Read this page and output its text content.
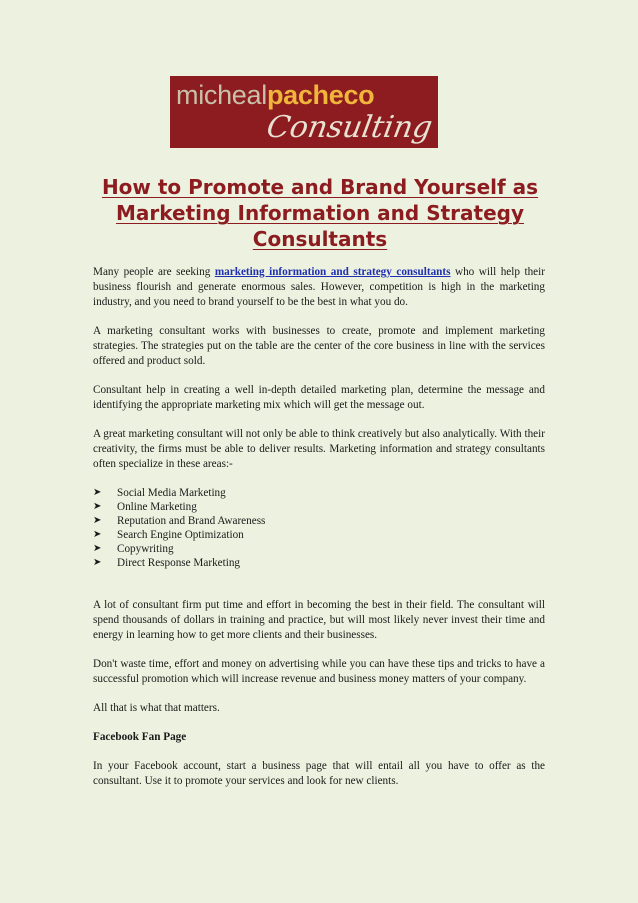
michealpacheco
Consulting
How to Promote and Brand Yourself as
Marketing Information and Strategy
Consultants

Many people are seeking marketing information and strategy consultants who will help their business flourish and generate enormous sales. However, competition is high in the marketing industry, and you need to brand yourself to be the best in what you do.

A marketing consultant works with businesses to create, promote and implement marketing strategies. The strategies put on the table are the center of the core business in line with the services offered and product sold.

Consultant help in creating a well in-depth detailed marketing plan, determine the message and identifying the appropriate marketing mix which will get the message out.

A great marketing consultant will not only be able to think creatively but also analytically. With their creativity, the firms must be able to deliver results. Marketing information and strategy consultants often specialize in these areas:-

➤	Social Media Marketing
➤	Online Marketing
➤	Reputation and Brand Awareness
➤	Search Engine Optimization
➤	Copywriting
➤	Direct Response Marketing

A lot of consultant firm put time and effort in becoming the best in their field. The consultant will spend thousands of dollars in training and practice, but will most likely never invest their time and energy in learning how to get more clients and their businesses.

Don't waste time, effort and money on advertising while you can have these tips and tricks to have a successful promotion which will increase revenue and business money matters of your company.

All that is what that matters.

Facebook Fan Page

In your Facebook account, start a business page that will entail all you have to offer as the consultant. Use it to promote your services and look for new clients.
